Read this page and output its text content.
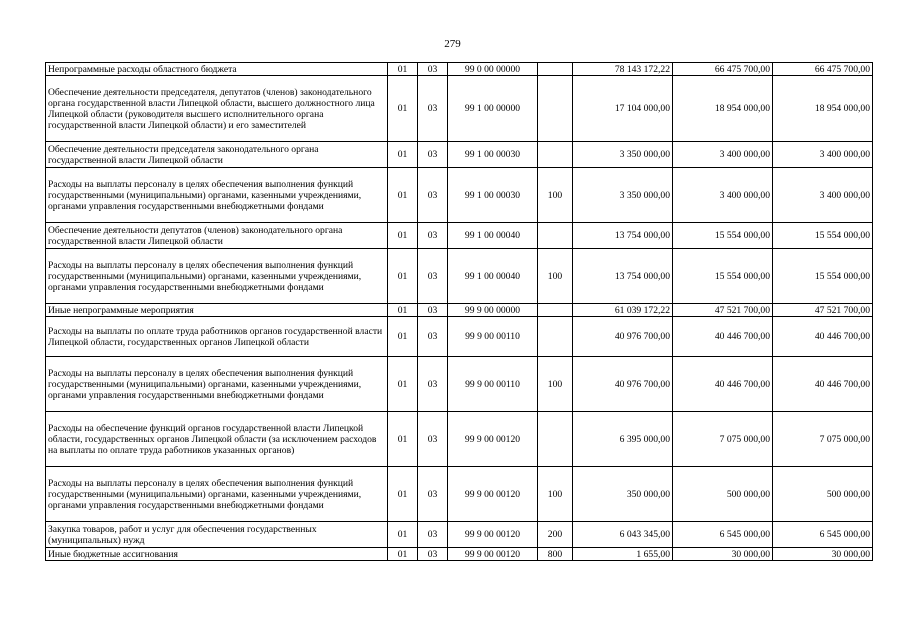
279
Непрограммные расходы областного бюджета	01	03	99 0 00 00000		78 143 172,22	66 475 700,00	66 475 700,00
Обеспечение деятельности председателя, депутатов (членов) законодательного органа государственной власти Липецкой области, высшего должностного лица Липецкой области (руководителя высшего исполнительного органа государственной власти Липецкой области) и его заместителей	01	03	99 1 00 00000		17 104 000,00	18 954 000,00	18 954 000,00
Обеспечение деятельности председателя законодательного органа государственной власти Липецкой области	01	03	99 1 00 00030		3 350 000,00	3 400 000,00	3 400 000,00
Расходы на выплаты персоналу в целях обеспечения выполнения функций государственными (муниципальными) органами, казенными учреждениями, органами управления государственными внебюджетными фондами	01	03	99 1 00 00030	100	3 350 000,00	3 400 000,00	3 400 000,00
Обеспечение деятельности депутатов (членов) законодательного органа государственной власти Липецкой области	01	03	99 1 00 00040		13 754 000,00	15 554 000,00	15 554 000,00
Расходы на выплаты персоналу в целях обеспечения выполнения функций государственными (муниципальными) органами, казенными учреждениями, органами управления государственными внебюджетными фондами	01	03	99 1 00 00040	100	13 754 000,00	15 554 000,00	15 554 000,00
Иные непрограммные мероприятия	01	03	99 9 00 00000		61 039 172,22	47 521 700,00	47 521 700,00
Расходы на выплаты по оплате труда работников органов государственной власти Липецкой области, государственных органов Липецкой области	01	03	99 9 00 00110		40 976 700,00	40 446 700,00	40 446 700,00
Расходы на выплаты персоналу в целях обеспечения выполнения функций государственными (муниципальными) органами, казенными учреждениями, органами управления государственными внебюджетными фондами	01	03	99 9 00 00110	100	40 976 700,00	40 446 700,00	40 446 700,00
Расходы на обеспечение функций органов государственной власти Липецкой области, государственных органов Липецкой области (за исключением расходов на выплаты по оплате труда работников указанных органов)	01	03	99 9 00 00120		6 395 000,00	7 075 000,00	7 075 000,00
Расходы на выплаты персоналу в целях обеспечения выполнения функций государственными (муниципальными) органами, казенными учреждениями, органами управления государственными внебюджетными фондами	01	03	99 9 00 00120	100	350 000,00	500 000,00	500 000,00
Закупка товаров, работ и услуг для обеспечения государственных (муниципальных) нужд	01	03	99 9 00 00120	200	6 043 345,00	6 545 000,00	6 545 000,00
Иные бюджетные ассигнования	01	03	99 9 00 00120	800	1 655,00	30 000,00	30 000,00
